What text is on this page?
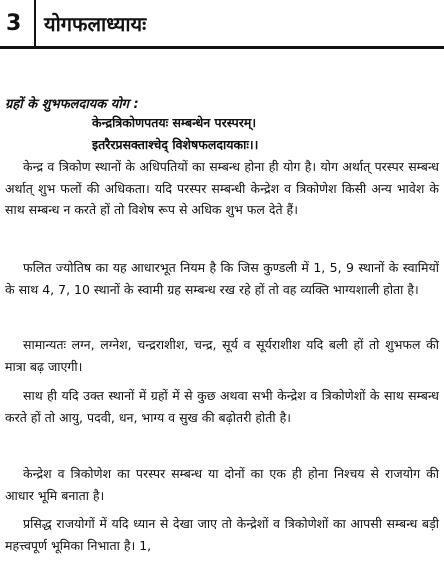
3 योगफलाध्यायः
ग्रहों के शुभफलदायक योग :
केन्द्रत्रिकोणपतयः सम्बन्धेन परस्परम्।
इतरैरप्रसक्ताश्चेद् विशेषफलदायकाः।।

केन्द्र व त्रिकोण स्थानों के अधिपतियों का सम्बन्ध होना ही योग है। योग अर्थात् परस्पर सम्बन्ध अर्थात् शुभ फलों की अधिकता। यदि परस्पर सम्बन्धी केन्द्रेश व त्रिकोणेश किसी अन्य भावेश के साथ सम्बन्ध न करते हों तो विशेष रूप से अधिक शुभ फल देते हैं।

फलित ज्योतिष का यह आधारभूत नियम है कि जिस कुण्डली में 1, 5, 9 स्थानों के स्वामियों के साथ 4, 7, 10 स्थानों के स्वामी ग्रह सम्बन्ध रख रहे हों तो वह व्यक्ति भाग्यशाली होता है।

सामान्यतः लग्न, लग्नेश, चन्द्रराशीश, चन्द्र, सूर्य व सूर्यराशीश यदि बली हों तो शुभफल की मात्रा बढ़ जाएगी।

साथ ही यदि उक्त स्थानों में ग्रहों में से कुछ अथवा सभी केन्द्रेश व त्रिकोणेशों के साथ सम्बन्ध करते हों तो आयु, पदवी, धन, भाग्य व सुख की बढ़ोतरी होती है।

केन्द्रेश व त्रिकोणेश का परस्पर सम्बन्ध या दोनों का एक ही होना निश्चय से राजयोग की आधार भूमि बनाता है।

प्रसिद्ध राजयोगों में यदि ध्यान से देखा जाए तो केन्द्रेशों व त्रिकोणेशों का आपसी सम्बन्ध बड़ी महत्त्वपूर्ण भूमिका निभाता है। 1,
